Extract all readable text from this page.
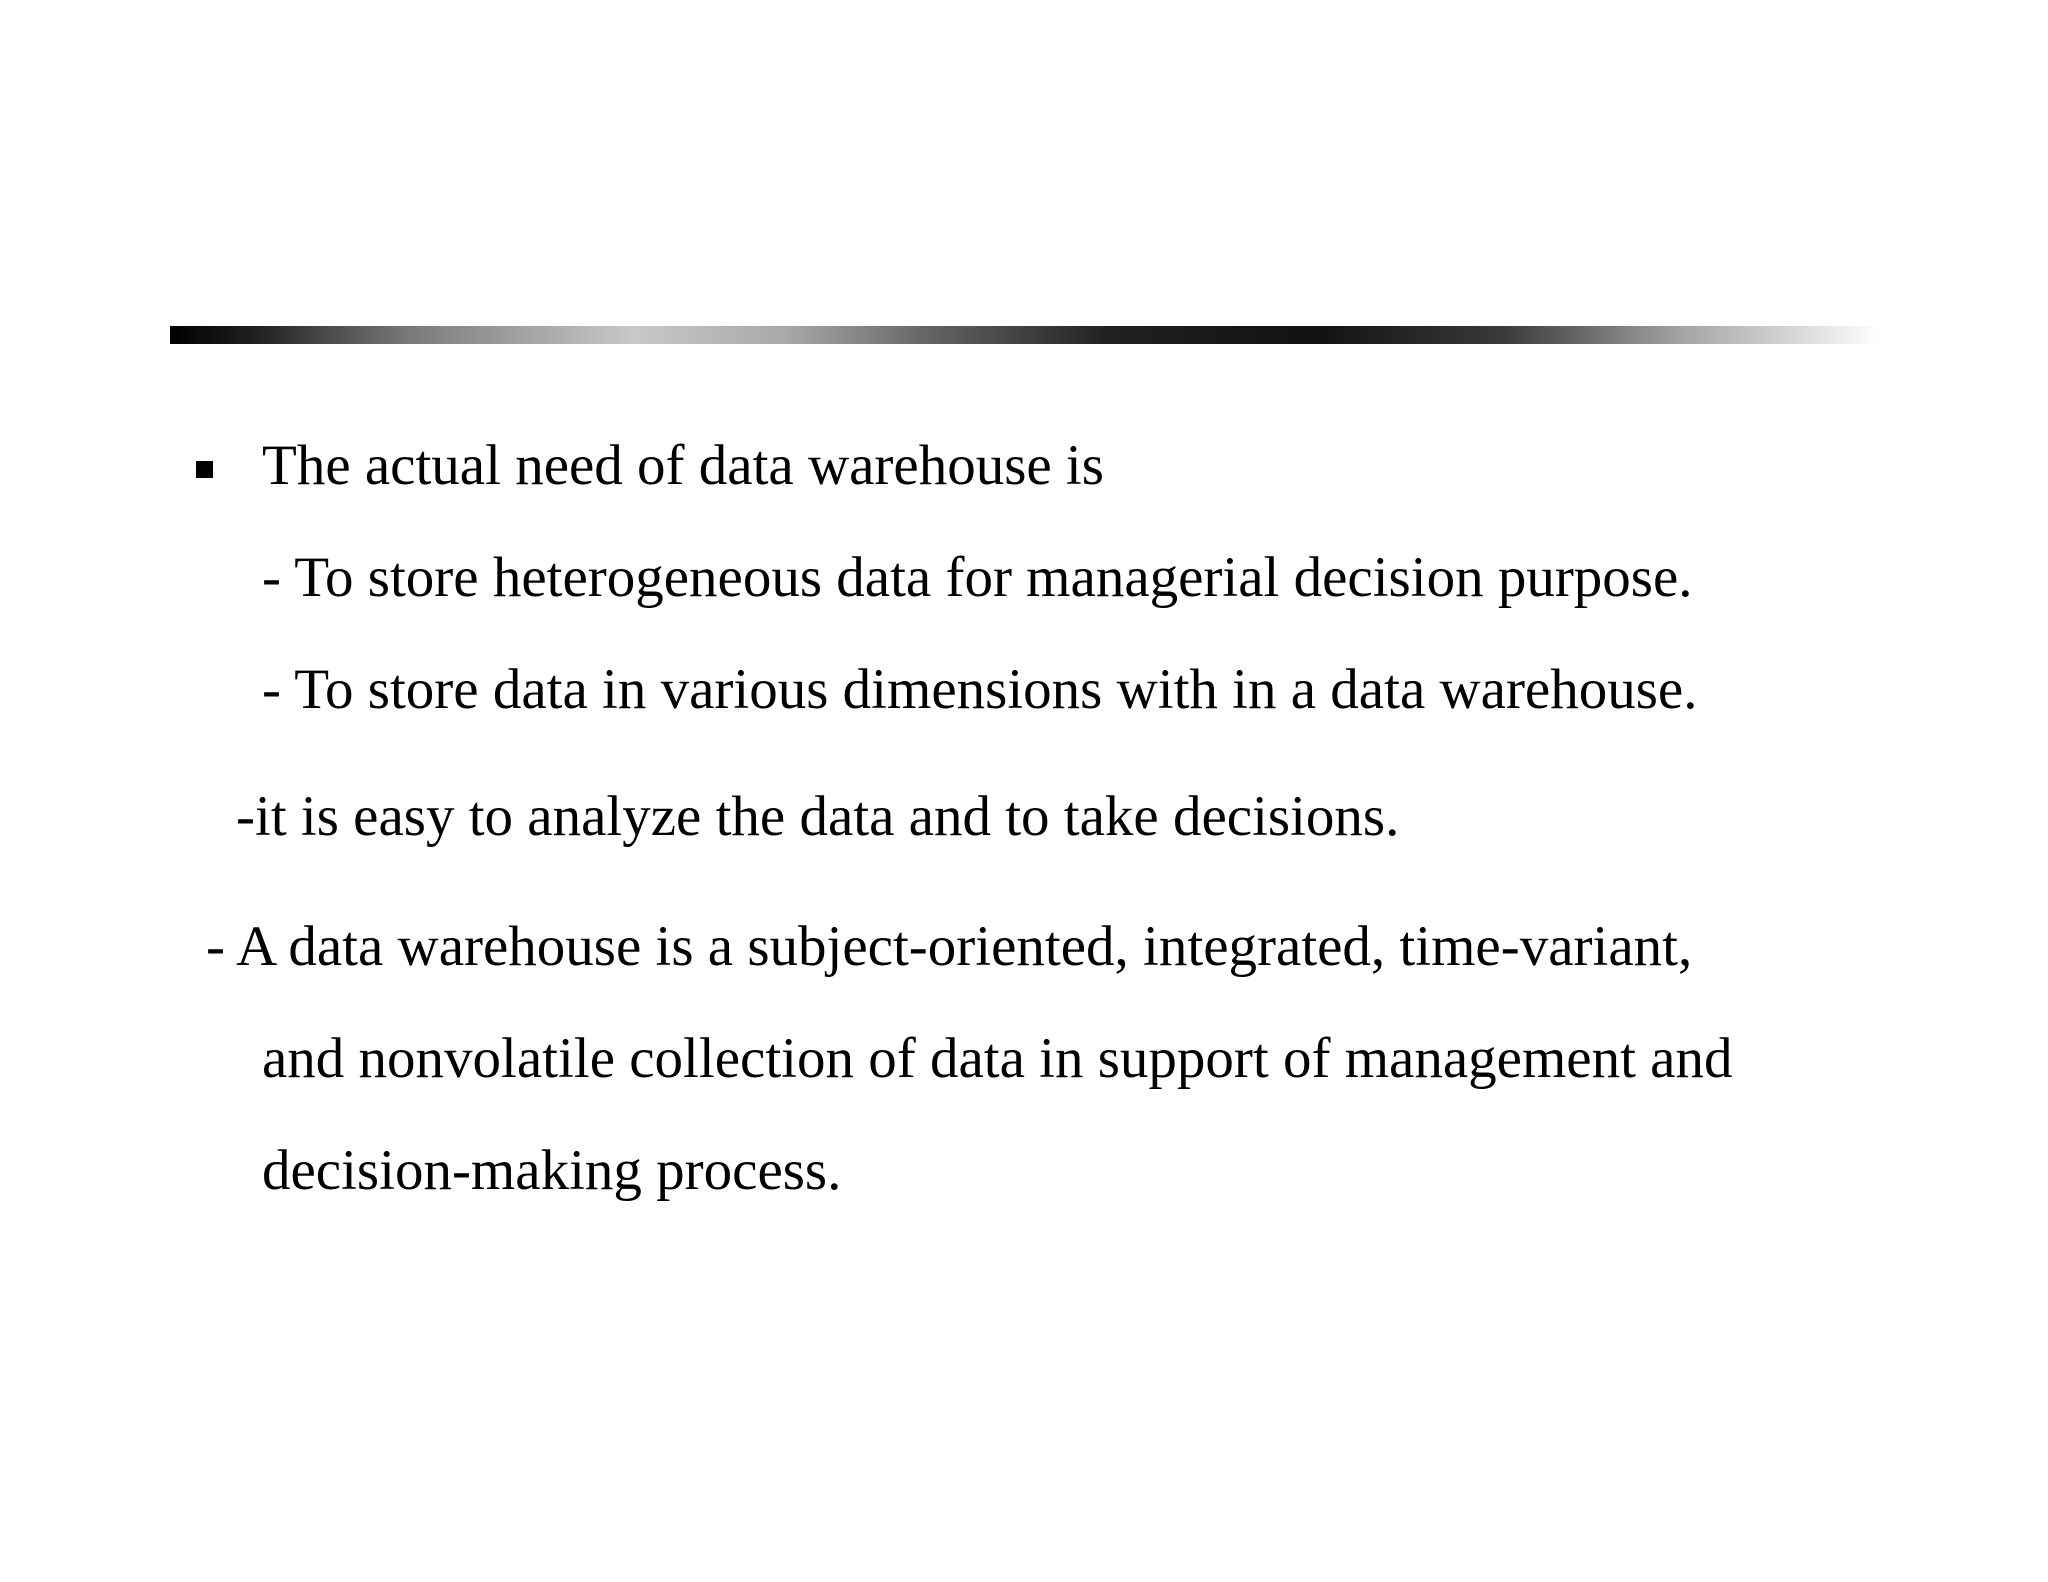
The actual need of data warehouse is
- To store heterogeneous data for managerial decision purpose.
- To store data in various dimensions with in a data warehouse.
-it is easy to analyze the data and to take decisions.
- A data warehouse is a subject-oriented, integrated, time-variant,
and nonvolatile collection of data in support of management and
decision-making process.
